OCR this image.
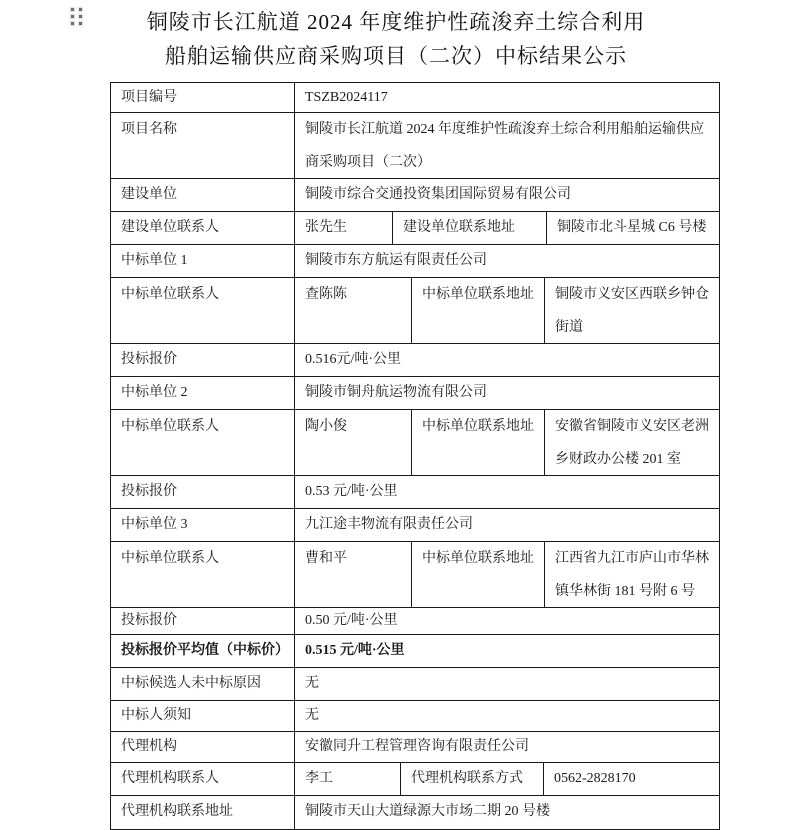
铜陵市长江航道 2024 年度维护性疏浚弃土综合利用
船舶运输供应商采购项目（二次）中标结果公示
项目编号	TSZB2024117
项目名称	铜陵市长江航道 2024 年度维护性疏浚弃土综合利用船舶运输供应商采购项目（二次）
建设单位	铜陵市综合交通投资集团国际贸易有限公司
建设单位联系人	张先生	建设单位联系地址	铜陵市北斗星城 C6 号楼
中标单位 1	铜陵市东方航运有限责任公司
中标单位联系人	查陈陈	中标单位联系地址	铜陵市义安区西联乡钟仓街道
投标报价	0.516元/吨·公里
中标单位 2	铜陵市铜舟航运物流有限公司
中标单位联系人	陶小俊	中标单位联系地址	安徽省铜陵市义安区老洲乡财政办公楼 201 室
投标报价	0.53 元/吨·公里
中标单位 3	九江途丰物流有限责任公司
中标单位联系人	曹和平	中标单位联系地址	江西省九江市庐山市华林镇华林街 181 号附 6 号
投标报价	0.50 元/吨·公里
投标报价平均值（中标价）	0.515 元/吨·公里
中标候选人未中标原因	无
中标人须知	无
代理机构	安徽同升工程管理咨询有限责任公司
代理机构联系人	李工	代理机构联系方式	0562-2828170
代理机构联系地址	铜陵市天山大道绿源大市场二期 20 号楼
